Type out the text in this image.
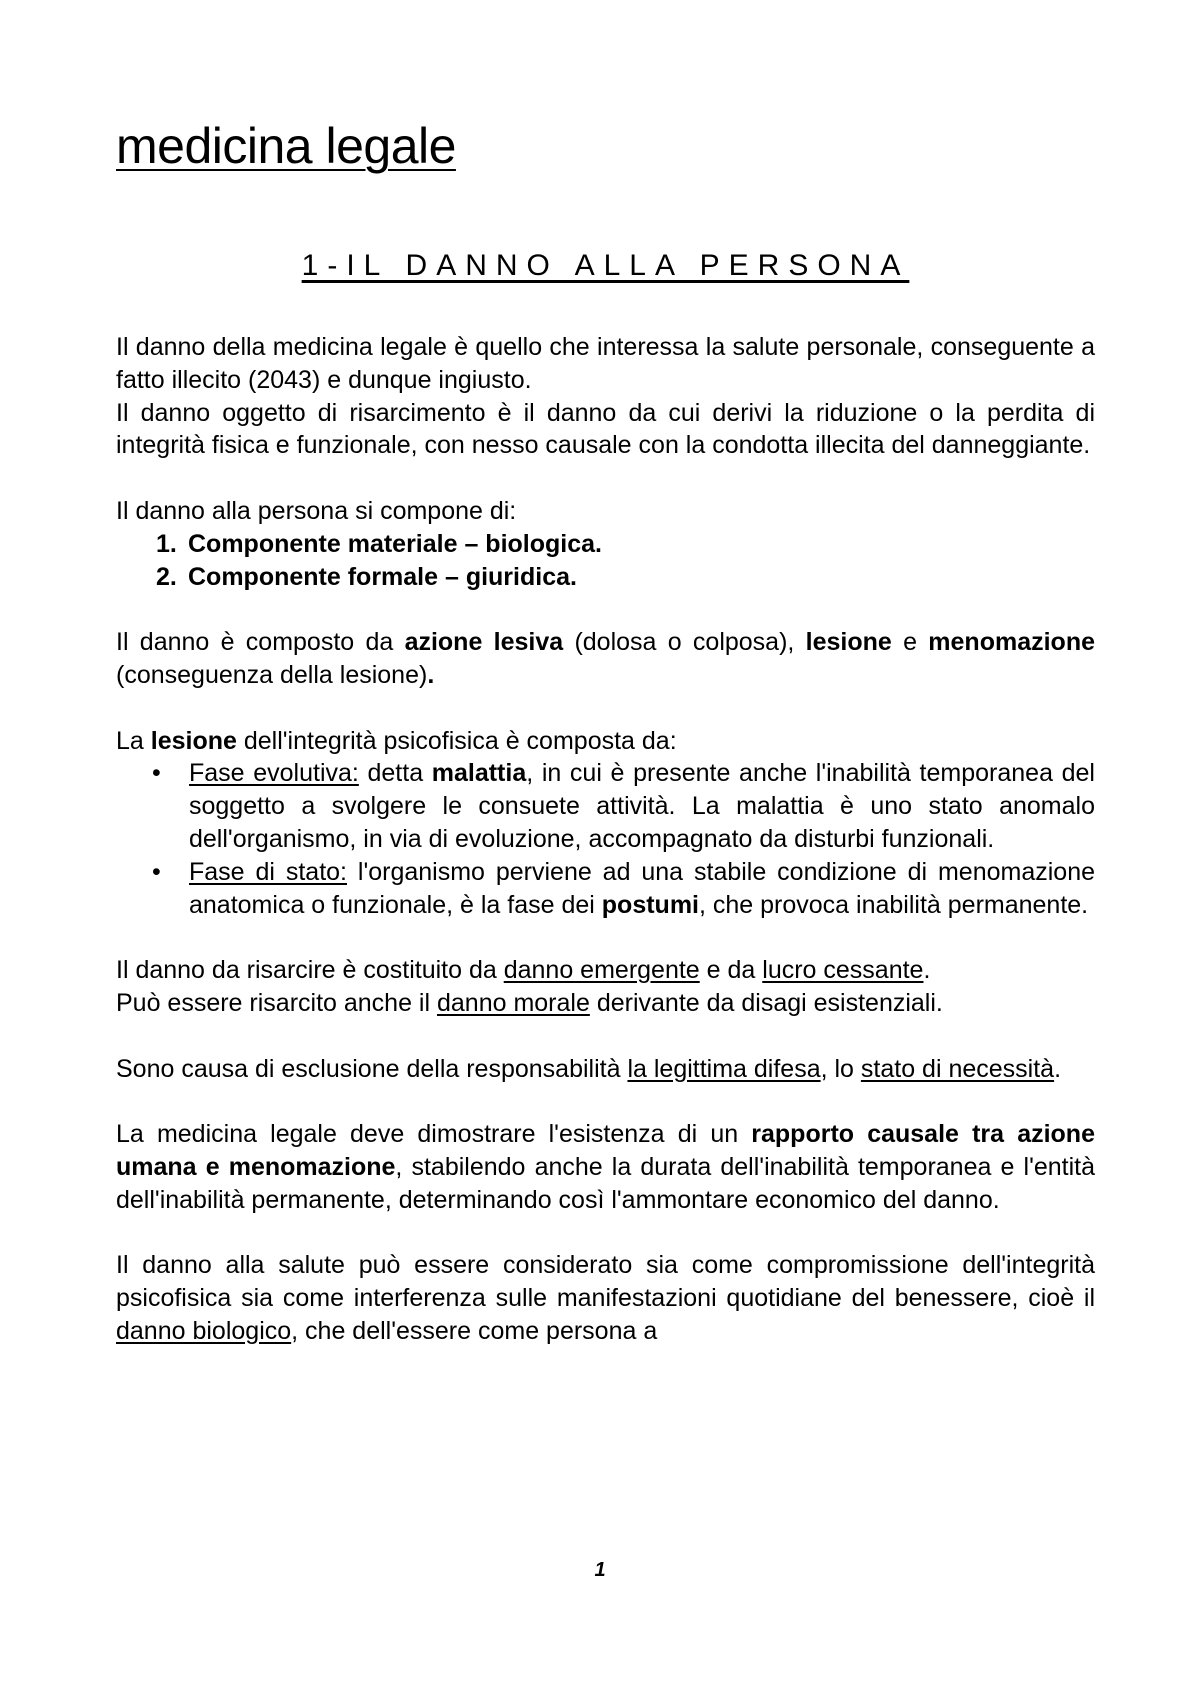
medicina legale
1-IL DANNO ALLA PERSONA

Il danno della medicina legale è quello che interessa la salute personale, conseguente a fatto illecito (2043) e dunque ingiusto.
Il danno oggetto di risarcimento è il danno da cui derivi la riduzione o la perdita di integrità fisica e funzionale, con nesso causale con la condotta illecita del danneggiante.

Il danno alla persona si compone di:

1. Componente materiale – biologica.
2. Componente formale – giuridica.

Il danno è composto da azione lesiva (dolosa o colposa), lesione e menomazione (conseguenza della lesione).

La lesione dell'integrità psicofisica è composta da:

• Fase evolutiva: detta malattia, in cui è presente anche l'inabilità temporanea del soggetto a svolgere le consuete attività. La malattia è uno stato anomalo dell'organismo, in via di evoluzione, accompagnato da disturbi funzionali.
• Fase di stato: l'organismo perviene ad una stabile condizione di menomazione anatomica o funzionale, è la fase dei postumi, che provoca inabilità permanente.

Il danno da risarcire è costituito da danno emergente e da lucro cessante.
Può essere risarcito anche il danno morale derivante da disagi esistenziali.

Sono causa di esclusione della responsabilità la legittima difesa, lo stato di necessità.

La medicina legale deve dimostrare l'esistenza di un rapporto causale tra azione umana e menomazione, stabilendo anche la durata dell'inabilità temporanea e l'entità dell'inabilità permanente, determinando così l'ammontare economico del danno.

Il danno alla salute può essere considerato sia come compromissione dell'integrità psicofisica sia come interferenza sulle manifestazioni quotidiane del benessere, cioè il danno biologico, che dell'essere come persona a

1
